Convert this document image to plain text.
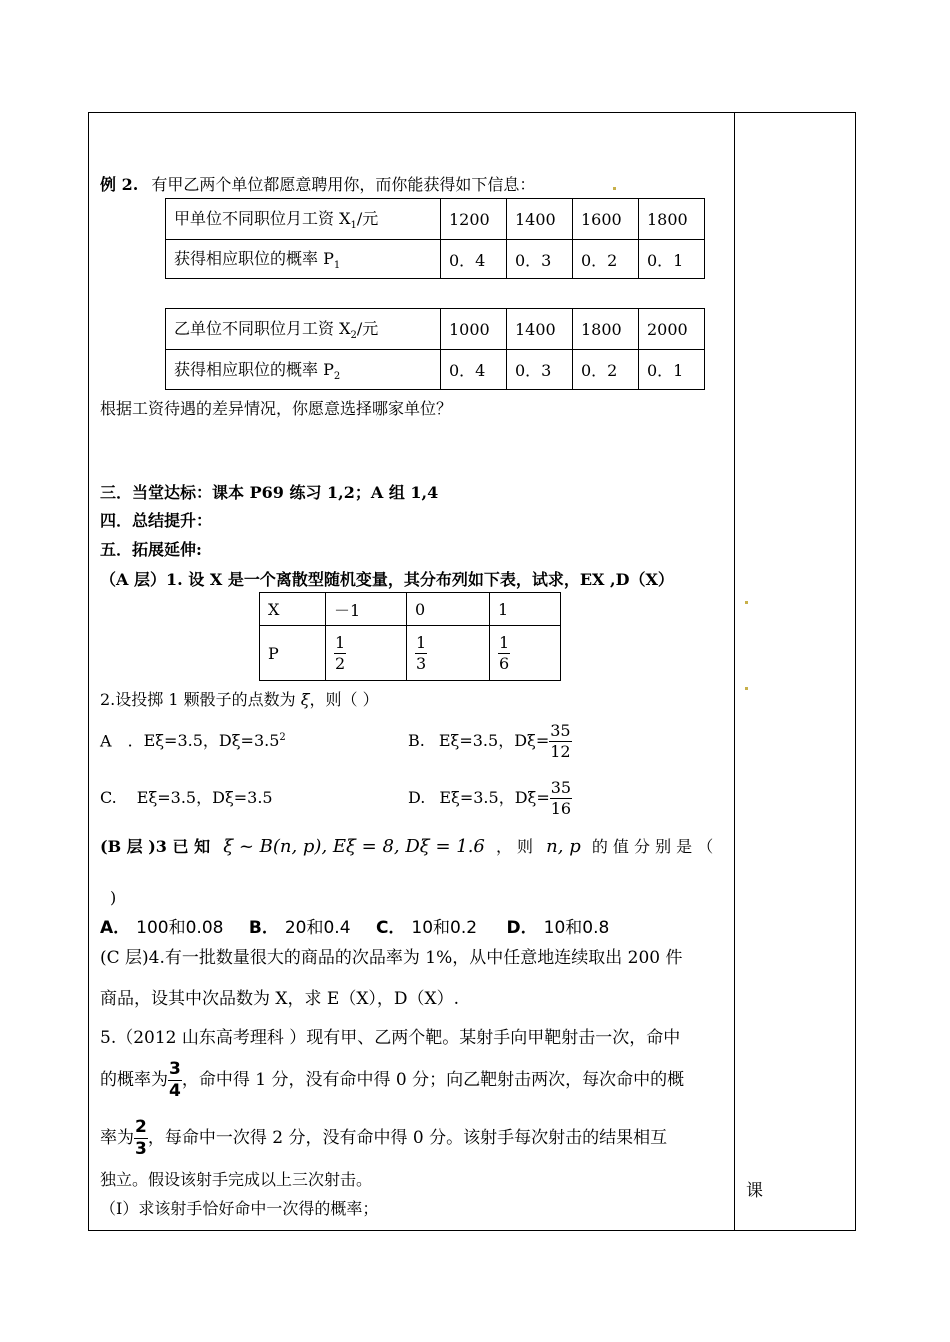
例 2. 有甲乙两个单位都愿意聘用你，而你能获得如下信息：
甲单位不同职位月工资 $X_1/$元	1200	1400	1600	1800
获得相应职位的概率 $P_1$	0．4	0．3	0．2	0．1
乙单位不同职位月工资 $X_2/$元	1000	1400	1800	2000
获得相应职位的概率 $P_2$	0．4	0．3	0．2	0．1
根据工资待遇的差异情况，你愿意选择哪家单位？
三．当堂达标：课本 P69 练习 1,2；A 组 1,4
四．总结提升：
五．拓展延伸:
（A 层）1. 设 X 是一个离散型随机变量，其分布列如下表，试求，EX ,D（X）
X	－1	0	1
P	$\frac{1}{2}$	$\frac{1}{3}$	$\frac{1}{6}$
2.设投掷 1 颗骰子的点数为 ξ，则（ ）
A ．Eξ=3.5，$D\xi=3.5^2$	B. Eξ=3.5，$D\xi= \frac{35}{12}$
C. Eξ=3.5，Dξ=3.5	D. Eξ=3.5，$D\xi= \frac{35}{16}$
(B 层 )3 已 知 ξ ~ B(n, p), Eξ = 8, Dξ = 1.6 ， 则 n, p 的 值 分 别 是 （
)
A． 100和0.08 B． 20和0.4 C． 10和0.2 D． 10和0.8
(C 层)4.有一批数量很大的商品的次品率为 1%，从中任意地连续取出 200 件
商品，设其中次品数为 X，求 E（X），D（X）.
5.（2012 山东高考理科 ）现有甲、乙两个靶。某射手向甲靶射击一次，命中
的概率为 $\frac{3}{4}$ ，命中得 1 分，没有命中得 0 分；向乙靶射击两次，每次命中的概
率为 $\frac{2}{3}$ ，每命中一次得 2 分，没有命中得 0 分。该射手每次射击的结果相互
独立。假设该射手完成以上三次射击。
（Ⅰ）求该射手恰好命中一次得的概率；
课
